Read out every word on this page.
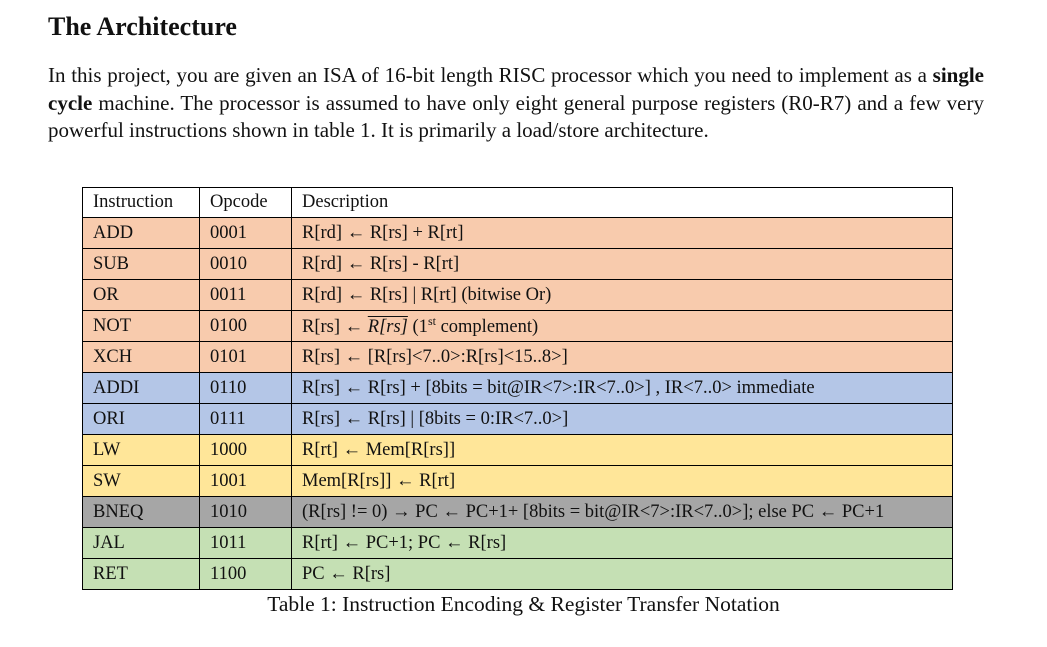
The Architecture

In this project, you are given an ISA of 16-bit length RISC processor which you need to implement as a single cycle machine. The processor is assumed to have only eight general purpose registers (R0-R7) and a few very powerful instructions shown in table 1. It is primarily a load/store architecture.

Instruction	Opcode	Description
ADD	0001	R[rd] ← R[rs] + R[rt]
SUB	0010	R[rd] ← R[rs] - R[rt]
OR	0011	R[rd] ← R[rs] | R[rt] (bitwise Or)
NOT	0100	R[rs] ← R[rs] (1st complement)
XCH	0101	R[rs] ← [R[rs]<7..0>:R[rs]<15..8>]
ADDI	0110	R[rs] ← R[rs] + [8bits = bit@IR<7>:IR<7..0>] , IR<7..0> immediate
ORI	0111	R[rs] ← R[rs] | [8bits = 0:IR<7..0>]
LW	1000	R[rt] ← Mem[R[rs]]
SW	1001	Mem[R[rs]] ← R[rt]
BNEQ	1010	(R[rs] != 0) → PC ← PC+1+ [8bits = bit@IR<7>:IR<7..0>]; else PC ← PC+1
JAL	1011	R[rt] ← PC+1; PC ← R[rs]
RET	1100	PC ← R[rs]

Table 1: Instruction Encoding & Register Transfer Notation
